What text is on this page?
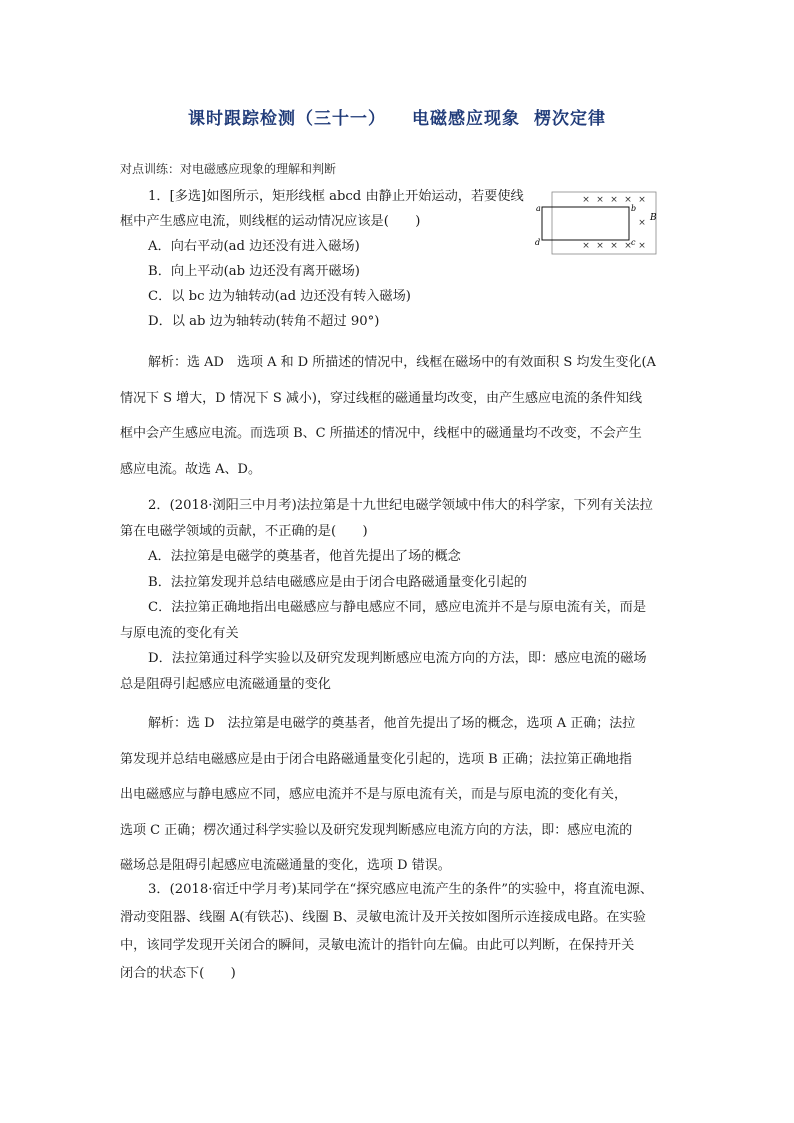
课时跟踪检测（三十一） 电磁感应现象 楞次定律

对点训练：对电磁感应现象的理解和判断

1．[多选]如图所示，矩形线框 abcd 由静止开始运动，若要使线

框中产生感应电流，则线框的运动情况应该是(　　)

A．向右平动(ad 边还没有进入磁场)

B．向上平动(ab 边还没有离开磁场)

C．以 bc 边为轴转动(ad 边还没有转入磁场)

D．以 ab 边为轴转动(转角不超过 90°)

× × × × ×
×
× × × × ×
a	b
c
d
B

解析：选 AD　选项 A 和 D 所描述的情况中，线框在磁场中的有效面积 S 均发生变化(A

情况下 S 增大，D 情况下 S 减小)，穿过线框的磁通量均改变，由产生感应电流的条件知线

框中会产生感应电流。而选项 B、C 所描述的情况中，线框中的磁通量均不改变，不会产生

感应电流。故选 A、D。

2．(2018·浏阳三中月考)法拉第是十九世纪电磁学领域中伟大的科学家，下列有关法拉

第在电磁学领域的贡献，不正确的是(　　)

A．法拉第是电磁学的奠基者，他首先提出了场的概念

B．法拉第发现并总结电磁感应是由于闭合电路磁通量变化引起的

C．法拉第正确地指出电磁感应与静电感应不同，感应电流并不是与原电流有关，而是

与原电流的变化有关

D．法拉第通过科学实验以及研究发现判断感应电流方向的方法，即：感应电流的磁场

总是阻碍引起感应电流磁通量的变化

解析：选 D　法拉第是电磁学的奠基者，他首先提出了场的概念，选项 A 正确；法拉

第发现并总结电磁感应是由于闭合电路磁通量变化引起的，选项 B 正确；法拉第正确地指

出电磁感应与静电感应不同，感应电流并不是与原电流有关，而是与原电流的变化有关，

选项 C 正确；楞次通过科学实验以及研究发现判断感应电流方向的方法，即：感应电流的

磁场总是阻碍引起感应电流磁通量的变化，选项 D 错误。

3．(2018·宿迁中学月考)某同学在“探究感应电流产生的条件”的实验中，将直流电源、

滑动变阻器、线圈 A(有铁芯)、线圈 B、灵敏电流计及开关按如图所示连接成电路。在实验

中，该同学发现开关闭合的瞬间，灵敏电流计的指针向左偏。由此可以判断，在保持开关

闭合的状态下(　　)
